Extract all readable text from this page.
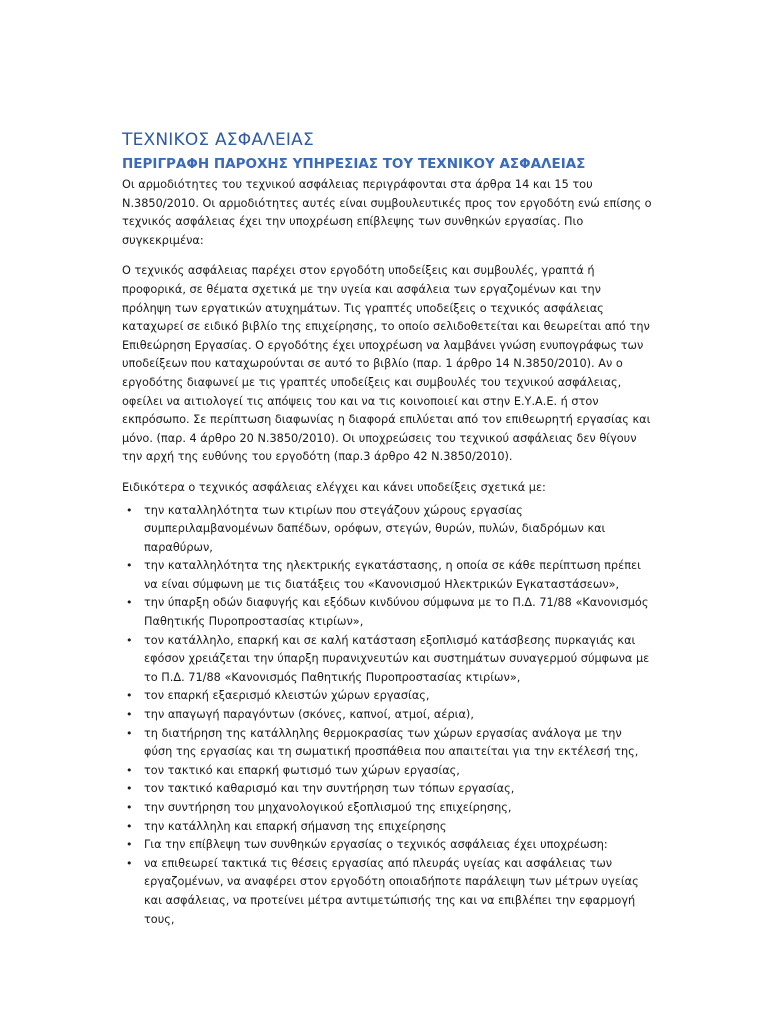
ΤΕΧΝΙΚΟΣ ΑΣΦΑΛΕΙΑΣ
ΠΕΡΙΓΡΑΦΗ ΠΑΡΟΧΗΣ ΥΠΗΡΕΣΙΑΣ ΤΟΥ ΤΕΧΝΙΚΟΥ ΑΣΦΑΛΕΙΑΣ

Οι αρμοδιότητες του τεχνικού ασφάλειας περιγράφονται στα άρθρα 14 και 15 του Ν.3850/2010. Οι αρμοδιότητες αυτές είναι συμβουλευτικές προς τον εργοδότη ενώ επίσης ο τεχνικός ασφάλειας έχει την υποχρέωση επίβλεψης των συνθηκών εργασίας. Πιο συγκεκριμένα:

Ο τεχνικός ασφάλειας παρέχει στον εργοδότη υποδείξεις και συμβουλές, γραπτά ή προφορικά, σε θέματα σχετικά με την υγεία και ασφάλεια των εργαζομένων και την πρόληψη των εργατικών ατυχημάτων. Τις γραπτές υποδείξεις ο τεχνικός ασφάλειας καταχωρεί σε ειδικό βιβλίο της επιχείρησης, το οποίο σελιδοθετείται και θεωρείται από την Επιθεώρηση Εργασίας. Ο εργοδότης έχει υποχρέωση να λαμβάνει γνώση ενυπογράφως των υποδείξεων που καταχωρούνται σε αυτό το βιβλίο (παρ. 1 άρθρο 14 Ν.3850/2010). Αν ο εργοδότης διαφωνεί με τις γραπτές υποδείξεις και συμβουλές του τεχνικού ασφάλειας, οφείλει να αιτιολογεί τις απόψεις του και να τις κοινοποιεί και στην Ε.Υ.Α.Ε. ή στον εκπρόσωπο. Σε περίπτωση διαφωνίας η διαφορά επιλύεται από τον επιθεωρητή εργασίας και μόνο. (παρ. 4 άρθρο 20 Ν.3850/2010). Οι υποχρεώσεις του τεχνικού ασφάλειας δεν θίγουν την αρχή της ευθύνης του εργοδότη (παρ.3 άρθρο 42 Ν.3850/2010).

Ειδικότερα ο τεχνικός ασφάλειας ελέγχει και κάνει υποδείξεις σχετικά με:

• την καταλληλότητα των κτιρίων που στεγάζουν χώρους εργασίας συμπεριλαμβανομένων δαπέδων, ορόφων, στεγών, θυρών, πυλών, διαδρόμων και παραθύρων,
• την καταλληλότητα της ηλεκτρικής εγκατάστασης, η οποία σε κάθε περίπτωση πρέπει να είναι σύμφωνη με τις διατάξεις του «Κανονισμού Ηλεκτρικών Εγκαταστάσεων»,
• την ύπαρξη οδών διαφυγής και εξόδων κινδύνου σύμφωνα με το Π.Δ. 71/88 «Κανονισμός Παθητικής Πυροπροστασίας κτιρίων»,
• τον κατάλληλο, επαρκή και σε καλή κατάσταση εξοπλισμό κατάσβεσης πυρκαγιάς και εφόσον χρειάζεται την ύπαρξη πυρανιχνευτών και συστημάτων συναγερμού σύμφωνα με το Π.Δ. 71/88 «Κανονισμός Παθητικής Πυροπροστασίας κτιρίων»,
• τον επαρκή εξαερισμό κλειστών χώρων εργασίας,
• την απαγωγή παραγόντων (σκόνες, καπνοί, ατμοί, αέρια),
• τη διατήρηση της κατάλληλης θερμοκρασίας των χώρων εργασίας ανάλογα με την φύση της εργασίας και τη σωματική προσπάθεια που απαιτείται για την εκτέλεσή της,
• τον τακτικό και επαρκή φωτισμό των χώρων εργασίας,
• τον τακτικό καθαρισμό και την συντήρηση των τόπων εργασίας,
• την συντήρηση του μηχανολογικού εξοπλισμού της επιχείρησης,
• την κατάλληλη και επαρκή σήμανση της επιχείρησης
• Για την επίβλεψη των συνθηκών εργασίας ο τεχνικός ασφάλειας έχει υποχρέωση:
• να επιθεωρεί τακτικά τις θέσεις εργασίας από πλευράς υγείας και ασφάλειας των εργαζομένων, να αναφέρει στον εργοδότη οποιαδήποτε παράλειψη των μέτρων υγείας και ασφάλειας, να προτείνει μέτρα αντιμετώπισής της και να επιβλέπει την εφαρμογή τους,
